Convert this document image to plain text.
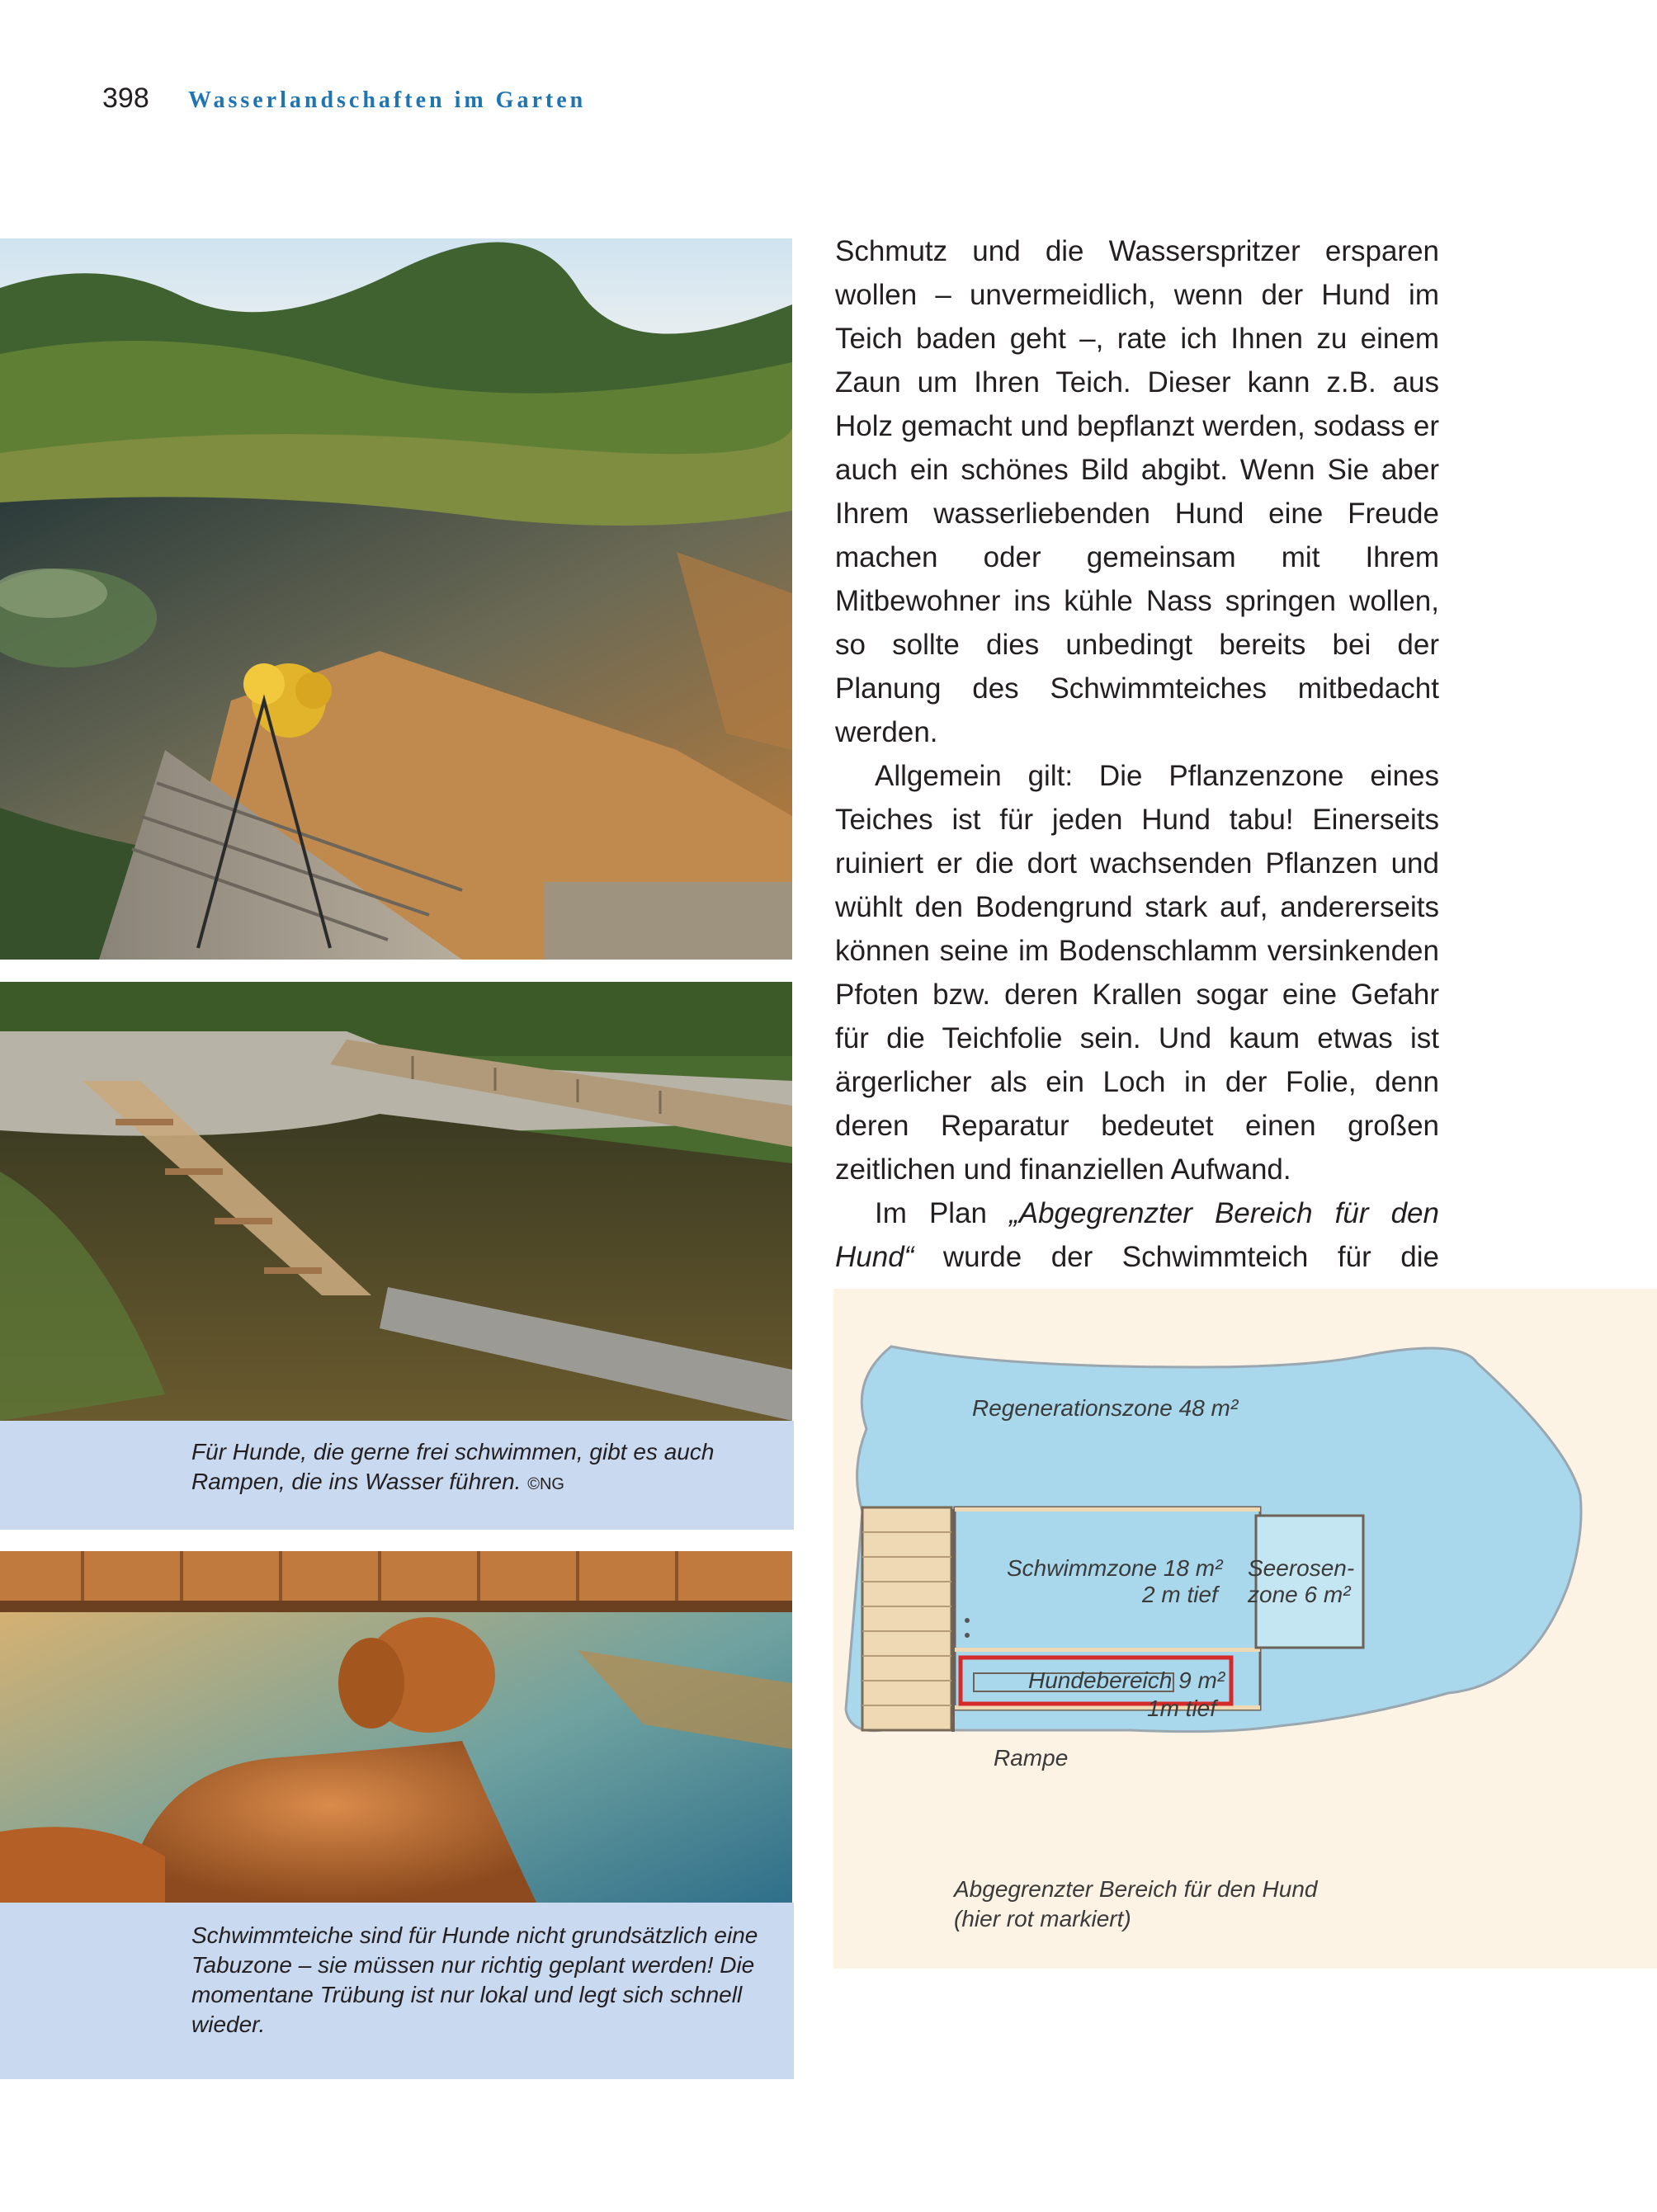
398 Wasserlandschaften im Garten
Für Hunde, die gerne frei schwimmen, gibt es auch Rampen, die ins Wasser führen. ©NG
Schwimmteiche sind für Hunde nicht grundsätzlich eine Tabuzone – sie müssen nur richtig geplant werden! Die momentane Trübung ist nur lokal und legt sich schnell wieder.

Schmutz und die Wasserspritzer ersparen wollen – unvermeidlich, wenn der Hund im Teich baden geht –, rate ich Ihnen zu einem Zaun um Ihren Teich. Dieser kann z.B. aus Holz gemacht und bepflanzt werden, sodass er auch ein schönes Bild abgibt. Wenn Sie aber Ihrem wasserliebenden Hund eine Freude machen oder gemeinsam mit Ihrem Mitbewohner ins kühle Nass springen wollen, so sollte dies unbedingt bereits bei der Planung des Schwimmteiches mitbedacht werden.

Allgemein gilt: Die Pflanzenzone eines Teiches ist für jeden Hund tabu! Einerseits ruiniert er die dort wachsenden Pflanzen und wühlt den Bodengrund stark auf, andererseits können seine im Bodenschlamm versinkenden Pfoten bzw. deren Krallen sogar eine Gefahr für die Teichfolie sein. Und kaum etwas ist ärgerlicher als ein Loch in der Folie, denn deren Reparatur bedeutet einen großen zeitlichen und finanziellen Aufwand.

Im Plan „Abgegrenzter Bereich für den Hund“ wurde der Schwimmteich für die

Regenerationszone 48 m²
Schwimmzone 18 m²
2 m tief
Seerosen-
zone 6 m²
Hundebereich 9 m²
1m tief
Rampe
Abgegrenzter Bereich für den Hund
(hier rot markiert)
